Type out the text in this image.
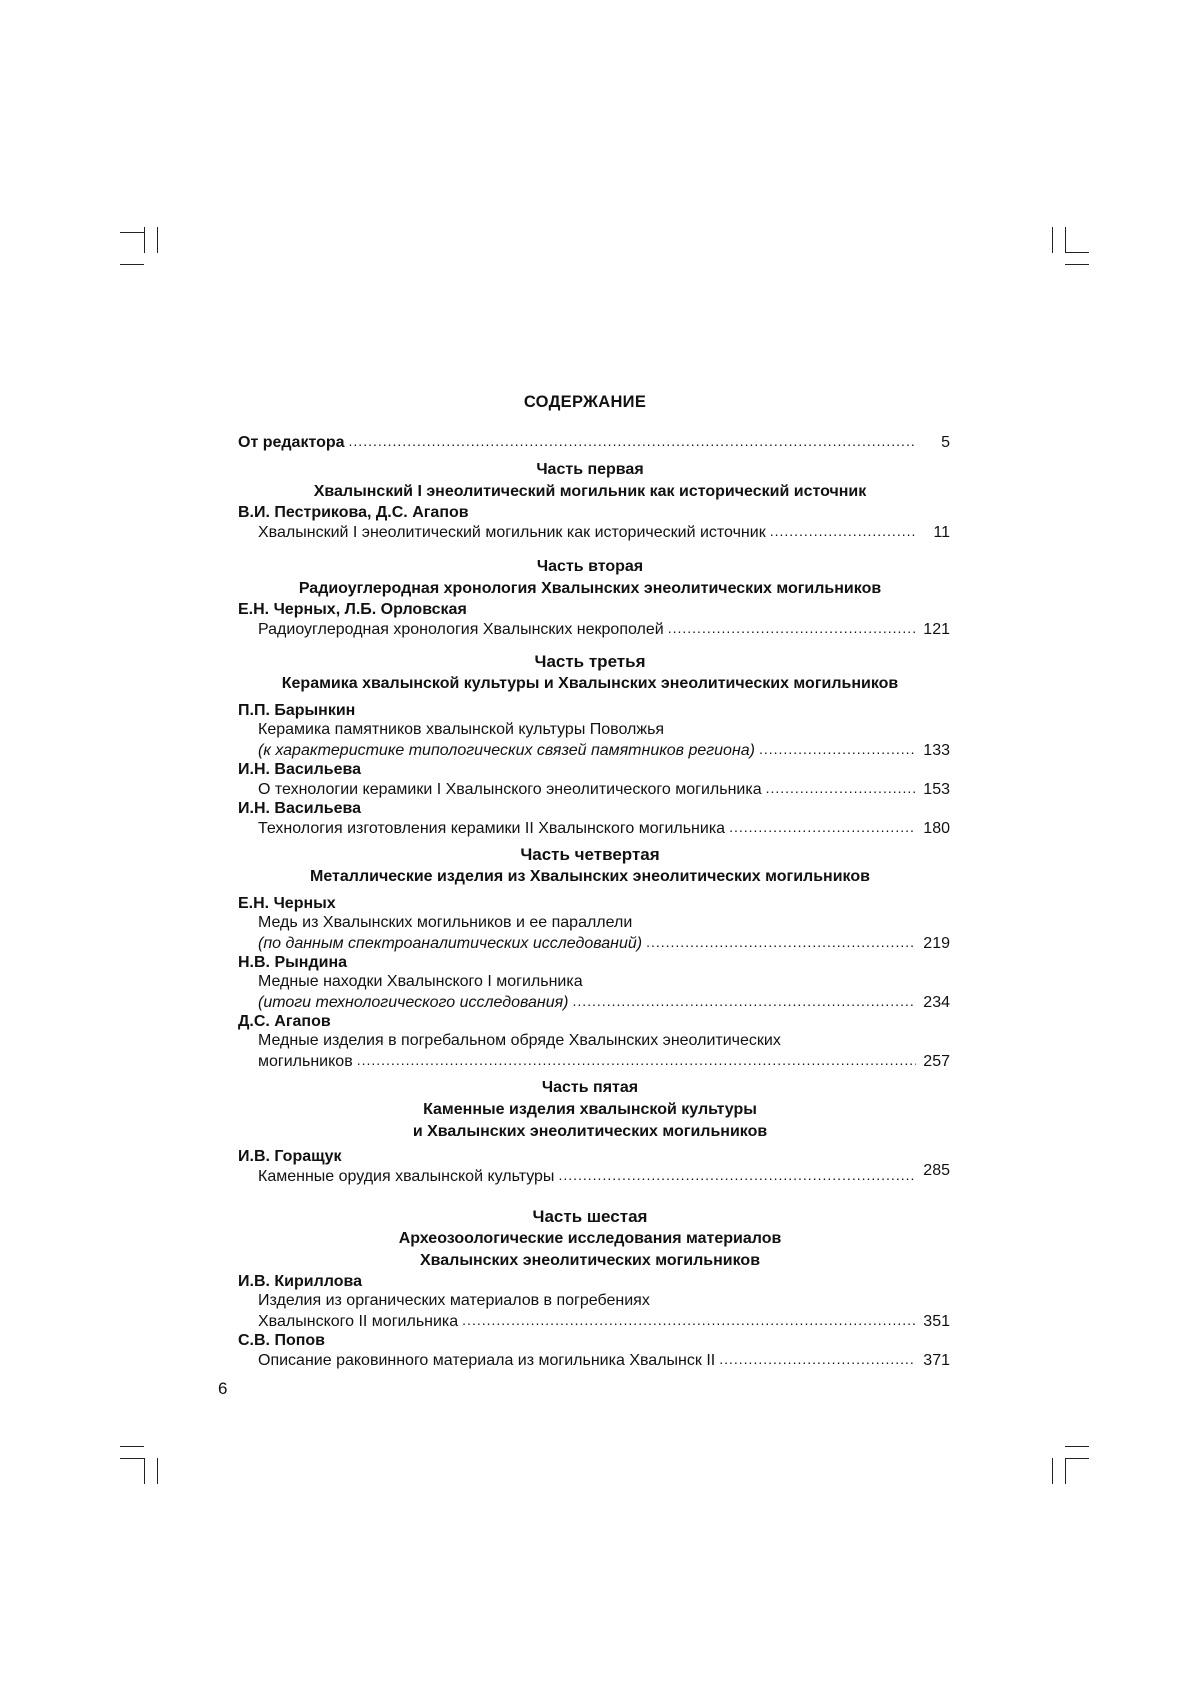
СОДЕРЖАНИЕ
От редактора .....	5
Часть первая
Хвалынский I энеолитический могильник как исторический источник
В.И. Пестрикова, Д.С. Агапов
Хвалынский I энеолитический могильник как исторический источник .....	11
Часть вторая
Радиоуглеродная хронология Хвалынских энеолитических могильников
Е.Н. Черных, Л.Б. Орловская
Радиоуглеродная хронология Хвалынских некрополей .....	121
Часть третья
Керамика хвалынской культуры и Хвалынских энеолитических могильников
П.П. Барынкин
Керамика памятников хвалынской культуры Поволжья
(к характеристике типологических связей памятников региона) .....	133
И.Н. Васильева
О технологии керамики I Хвалынского энеолитического могильника .....	153
И.Н. Васильева
Технология изготовления керамики II Хвалынского могильника .....	180
Часть четвертая
Металлические изделия из Хвалынских энеолитических могильников
Е.Н. Черных
Медь из Хвалынских могильников и ее параллели
(по данным спектроаналитических исследований) .....	219
Н.В. Рындина
Медные находки Хвалынского I могильника
(итоги технологического исследования) .....	234
Д.С. Агапов
Медные изделия в погребальном обряде Хвалынских энеолитических
могильников .....	257
Часть пятая
Каменные изделия хвалынской культуры
и Хвалынских энеолитических могильников
И.В. Горащук
Каменные орудия хвалынской культуры .....	285
Часть шестая
Археозоологические исследования материалов
Хвалынских энеолитических могильников
И.В. Кириллова
Изделия из органических материалов в погребениях
Хвалынского II могильника .....	351
С.В. Попов
Описание раковинного материала из могильника Хвалынск II .....	371
6
